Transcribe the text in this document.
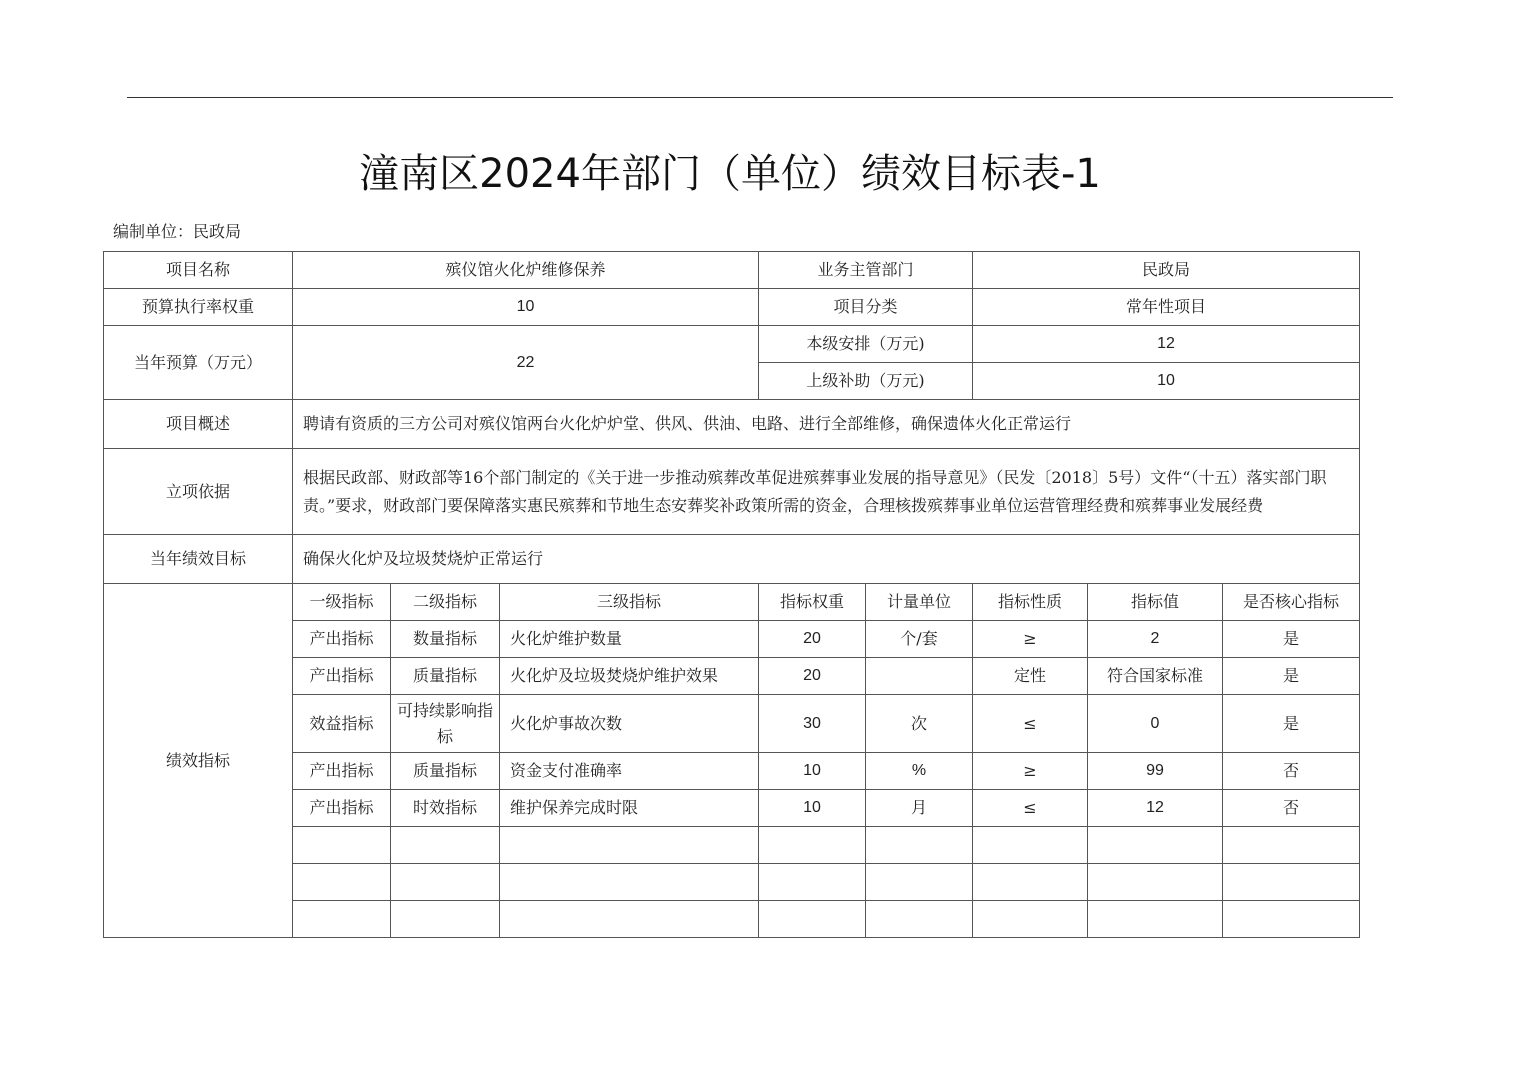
潼南区2024年部门（单位）绩效目标表-1
编制单位：民政局
项目名称	殡仪馆火化炉维修保养			业务主管部门		民政局		
预算执行率权重	10			项目分类		常年性项目		
当年预算（万元）	22			本级安排（万元)		12		
				上级补助（万元)		10		
项目概述	聘请有资质的三方公司对殡仪馆两台火化炉炉堂、供风、供油、电路、进行全部维修，确保遗体火化正常运行							
立项依据	根据民政部、财政部等16个部门制定的《关于进一步推动殡葬改革促进殡葬事业发展的指导意见》（民发〔2018〕5号）文件“（十五）落实部门职责。”要求，财政部门要保障落实惠民殡葬和节地生态安葬奖补政策所需的资金，合理核拨殡葬事业单位运营管理经费和殡葬事业发展经费							
当年绩效目标	确保火化炉及垃圾焚烧炉正常运行							
绩效指标	一级指标	二级指标	三级指标	指标权重	计量单位	指标性质	指标值	是否核心指标
	产出指标	数量指标	火化炉维护数量	20	个/套	≥	2	是
	产出指标	质量指标	火化炉及垃圾焚烧炉维护效果	20		定性	符合国家标准	是
	效益指标	可持续影响指标	火化炉事故次数	30	次	≤	0	是
	产出指标	质量指标	资金支付准确率	10	%	≥	99	否
	产出指标	时效指标	维护保养完成时限	10	月	≤	12	否
